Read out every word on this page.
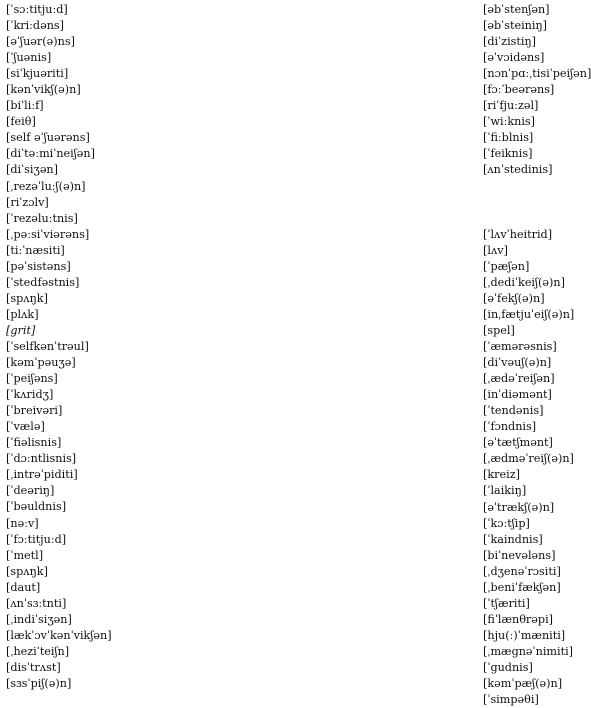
[ˈsɔːtitjuːd]
[ˈkriːdəns]
[əˈʃuər(ə)ns]
[ˈʃuənis]
[siˈkjuəriti]
[kənˈvikʃ(ə)n]
[biˈliːf]
[feiθ]
[self əˈʃuərəns]
[diˈtəːmiˈneiʃən]
[diˈsiʒən]
[ˌrezəˈluːʃ(ə)n]
[riˈzɔlv]
[ˈrezəluːtnis]
[ˌpəːsiˈviərəns]
[tiːˈnæsiti]
[pəˈsistəns]
[ˈstedfəstnis]
[spʌŋk]
[plʌk]
[grit]
[ˈselfkənˈtrəul]
[kəmˈpəuʒə]
[ˈpeiʃəns]
[ˈkʌridʒ]
[ˈbreivəri]
[ˈvælə]
[ˈfiəlisnis]
[ˈdɔːntlisnis]
[ˌintrəˈpiditi]
[ˈdeəriŋ]
[ˈbəuldnis]
[nəːv]
[ˈfɔːtitjuːd]
[ˈmetl]
[spʌŋk]
[daut]
[ʌnˈsɜːtnti]
[ˌindiˈsiʒən]
[lækˈɔvˈkənˈvikʃən]
[ˌheziˈteiʃn]
[disˈtrʌst]
[sɜsˈpiʃ(ə)n]
[əbˈstenʃən]
[əbˈsteiniŋ]
[diˈzistiŋ]
[əˈvɔidəns]
[nɔnˈpɑːˌtisiˈpeiʃən]
[fɔːˈbeərəns]
[riˈfjuːzəl]
[ˈwiːknis]
[ˈfiːblnis]
[ˈfeiknis]
[ʌnˈstedinis]
[ˈlʌvˈheitrid]
[lʌv]
[ˈpæʃən]
[ˌdediˈkeiʃ(ə)n]
[əˈfekʃ(ə)n]
[inˌfætjuˈeiʃ(ə)n]
[spel]
[ˈæmərəsnis]
[diˈvəuʃ(ə)n]
[ˌædəˈreiʃən]
[inˈdiəmənt]
[ˈtendənis]
[ˈfɔndnis]
[əˈtætʃmənt]
[ˌædməˈreiʃ(ə)n]
[kreiz]
[ˈlaikiŋ]
[əˈtrækʃ(ə)n]
[ˈkɔːtʃip]
[ˈkaindnis]
[biˈnevələns]
[ˌdʒenəˈrɔsiti]
[ˌbeniˈfækʃən]
[ˈtʃæriti]
[fiˈlænθrəpi]
[hju(ː)ˈmæniti]
[ˌmægnəˈnimiti]
[ˈgudnis]
[kəmˈpæʃ(ə)n]
[ˈsimpəθi]
